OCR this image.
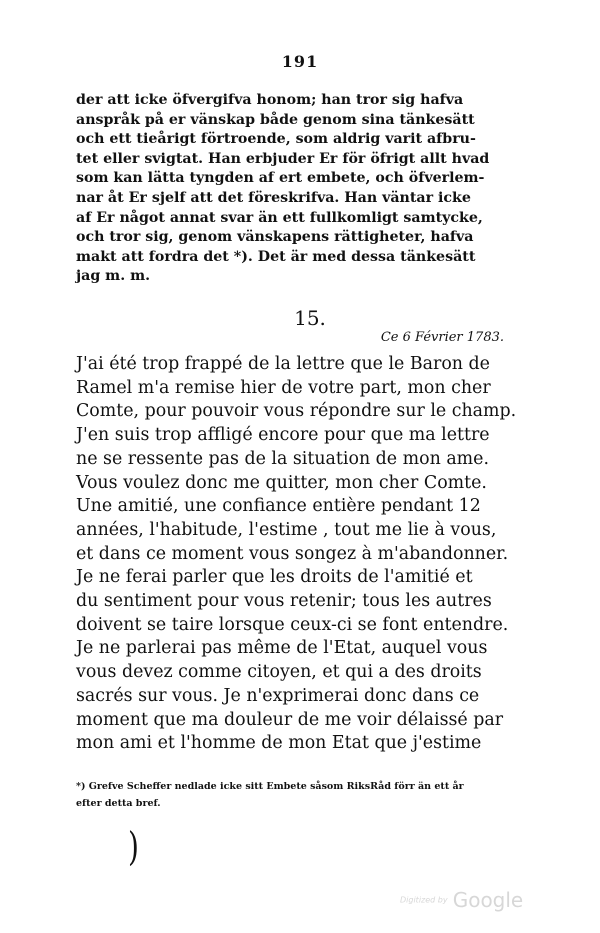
191
der att icke öfvergifva honom; han tror sig hafva
anspråk på er vänskap både genom sina tänkesätt
och ett tieårigt förtroende, som aldrig varit afbru-
tet eller svigtat. Han erbjuder Er för öfrigt allt hvad
som kan lätta tyngden af ert embete, och öfverlem-
nar åt Er sjelf att det föreskrifva. Han väntar icke
af Er något annat svar än ett fullkomligt samtycke,
och tror sig, genom vänskapens rättigheter, hafva
makt att fordra det *). Det är med dessa tänkesätt
jag m. m.
15.
Ce 6 Février 1783.
J'ai été trop frappé de la lettre que le Baron de
Ramel m'a remise hier de votre part, mon cher
Comte, pour pouvoir vous répondre sur le champ.
J'en suis trop affligé encore pour que ma lettre
ne se ressente pas de la situation de mon ame.
Vous voulez donc me quitter, mon cher Comte.
Une amitié, une confiance entière pendant 12
années, l'habitude, l'estime , tout me lie à vous,
et dans ce moment vous songez à m'abandonner.
Je ne ferai parler que les droits de l'amitié et
du sentiment pour vous retenir; tous les autres
doivent se taire lorsque ceux-ci se font entendre.
Je ne parlerai pas même de l'Etat, auquel vous
vous devez comme citoyen, et qui a des droits
sacrés sur vous. Je n'exprimerai donc dans ce
moment que ma douleur de me voir délaissé par
mon ami et l'homme de mon Etat que j'estime
*) Grefve Scheffer nedlade icke sitt Embete såsom RiksRåd förr än ett år
efter detta bref.
)
Digitized by Google
